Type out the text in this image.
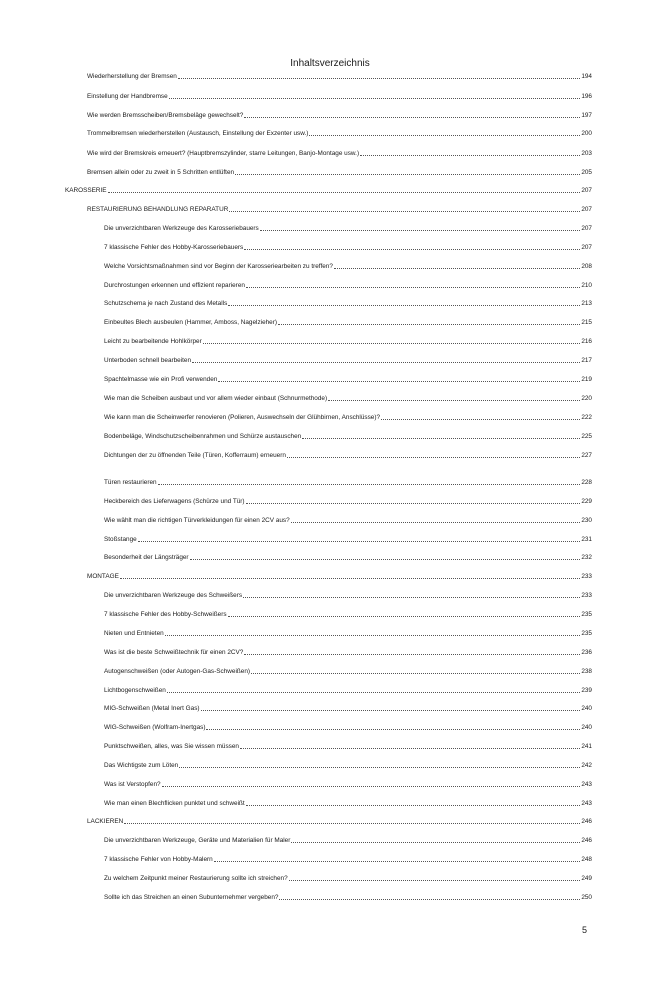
Inhaltsverzeichnis
Wiederherstellung der Bremsen	194
Einstellung der Handbremse	196
Wie werden Bremsscheiben/Bremsbeläge gewechselt?	197
Trommelbremsen wiederherstellen (Austausch, Einstellung der Exzenter usw.)	200
Wie wird der Bremskreis erneuert? (Hauptbremszylinder, starre Leitungen, Banjo-Montage usw.)	203
Bremsen allein oder zu zweit in 5 Schritten entlüften	205
KAROSSERIE	207
RESTAURIERUNG BEHANDLUNG REPARATUR	207
Die unverzichtbaren Werkzeuge des Karosseriebauers	207
7 klassische Fehler des Hobby-Karosseriebauers	207
Welche Vorsichtsmaßnahmen sind vor Beginn der Karosseriearbeiten zu treffen?	208
Durchrostungen erkennen und effizient reparieren	210
Schutzschema je nach Zustand des Metalls	213
Einbeultes Blech ausbeulen (Hammer, Amboss, Nagelzieher)	215
Leicht zu bearbeitende Hohlkörper	216
Unterboden schnell bearbeiten	217
Spachtelmasse wie ein Profi verwenden	219
Wie man die Scheiben ausbaut und vor allem wieder einbaut (Schnurmethode)	220
Wie kann man die Scheinwerfer renovieren (Polieren, Auswechseln der Glühbirnen, Anschlüsse)?	222
Bodenbeläge, Windschutzscheibenrahmen und Schürze austauschen	225
Dichtungen der zu öffnenden Teile (Türen, Kofferraum) erneuern	227
Türen restaurieren	228
Heckbereich des Lieferwagens (Schürze und Tür)	229
Wie wählt man die richtigen Türverkleidungen für einen 2CV aus?	230
Stoßstange	231
Besonderheit der Längsträger	232
MONTAGE	233
Die unverzichtbaren Werkzeuge des Schweißers	233
7 klassische Fehler des Hobby-Schweißers	235
Nieten und Entnieten	235
Was ist die beste Schweißtechnik für einen 2CV?	236
Autogenschweißen (oder Autogen-Gas-Schweißen)	238
Lichtbogenschweißen	239
MIG-Schweißen (Metal Inert Gas)	240
WIG-Schweißen (Wolfram-Inertgas)	240
Punktschweißen, alles, was Sie wissen müssen	241
Das Wichtigste zum Löten	242
Was ist Verstopfen?	243
Wie man einen Blechflicken punktet und schweißt	243
LACKIEREN	246
Die unverzichtbaren Werkzeuge, Geräte und Materialien für Maler	246
7 klassische Fehler von Hobby-Malern	248
Zu welchem Zeitpunkt meiner Restaurierung sollte ich streichen?	249
Sollte ich das Streichen an einen Subunternehmer vergeben?	250
5
